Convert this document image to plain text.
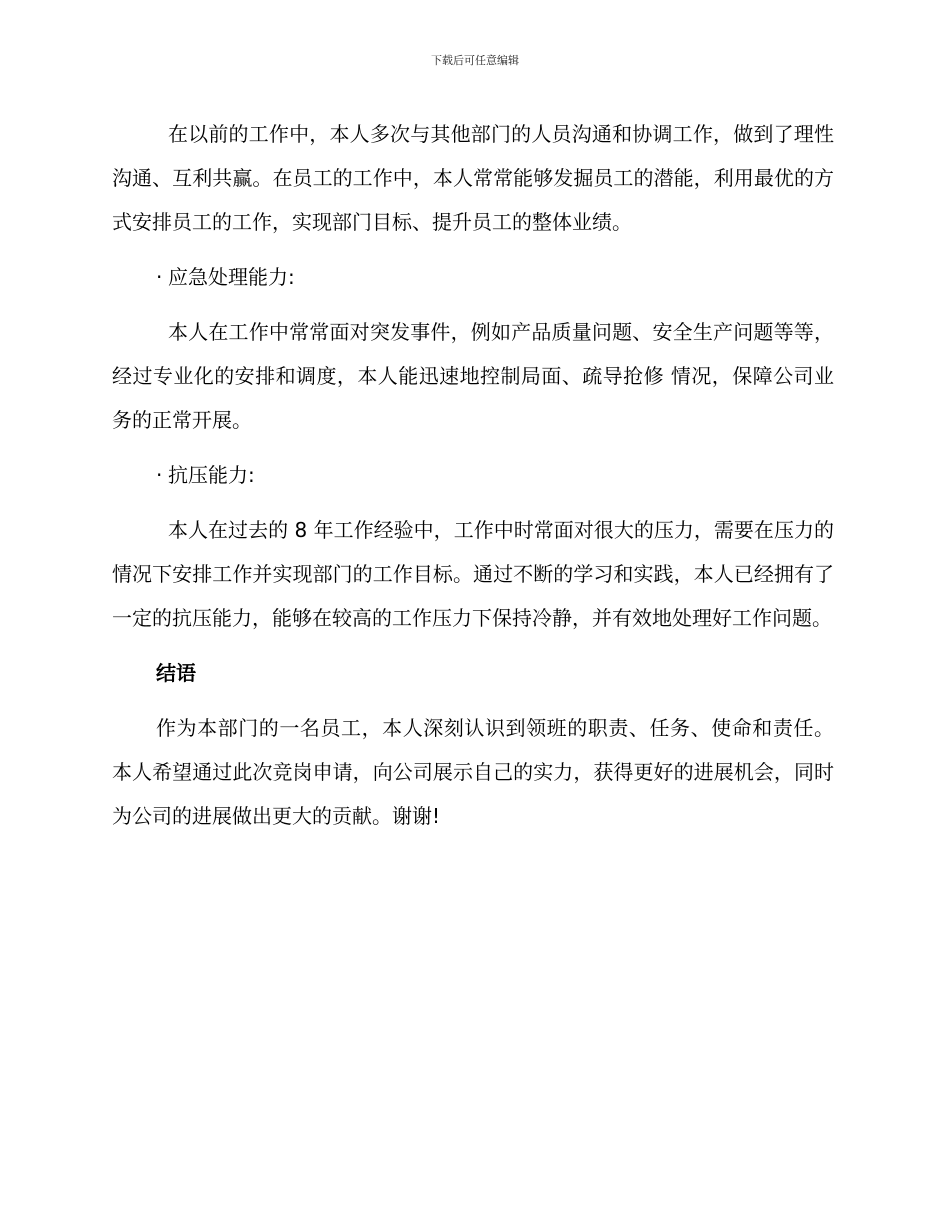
下载后可任意编辑

在以前的工作中，本人多次与其他部门的人员沟通和协调工作，做到了理性沟通、互利共赢。在员工的工作中，本人常常能够发掘员工的潜能，利用最优的方式安排员工的工作，实现部门目标、提升员工的整体业绩。

· 应急处理能力:

本人在工作中常常面对突发事件，例如产品质量问题、安全生产问题等等，经过专业化的安排和调度，本人能迅速地控制局面、疏导抢修 情况，保障公司业务的正常开展。

· 抗压能力:

本人在过去的 8 年工作经验中，工作中时常面对很大的压力，需要在压力的情况下安排工作并实现部门的工作目标。通过不断的学习和实践，本人已经拥有了一定的抗压能力，能够在较高的工作压力下保持冷静，并有效地处理好工作问题。

结语

作为本部门的一名员工，本人深刻认识到领班的职责、任务、使命和责任。本人希望通过此次竞岗申请，向公司展示自己的实力，获得更好的进展机会，同时为公司的进展做出更大的贡献。谢谢!
